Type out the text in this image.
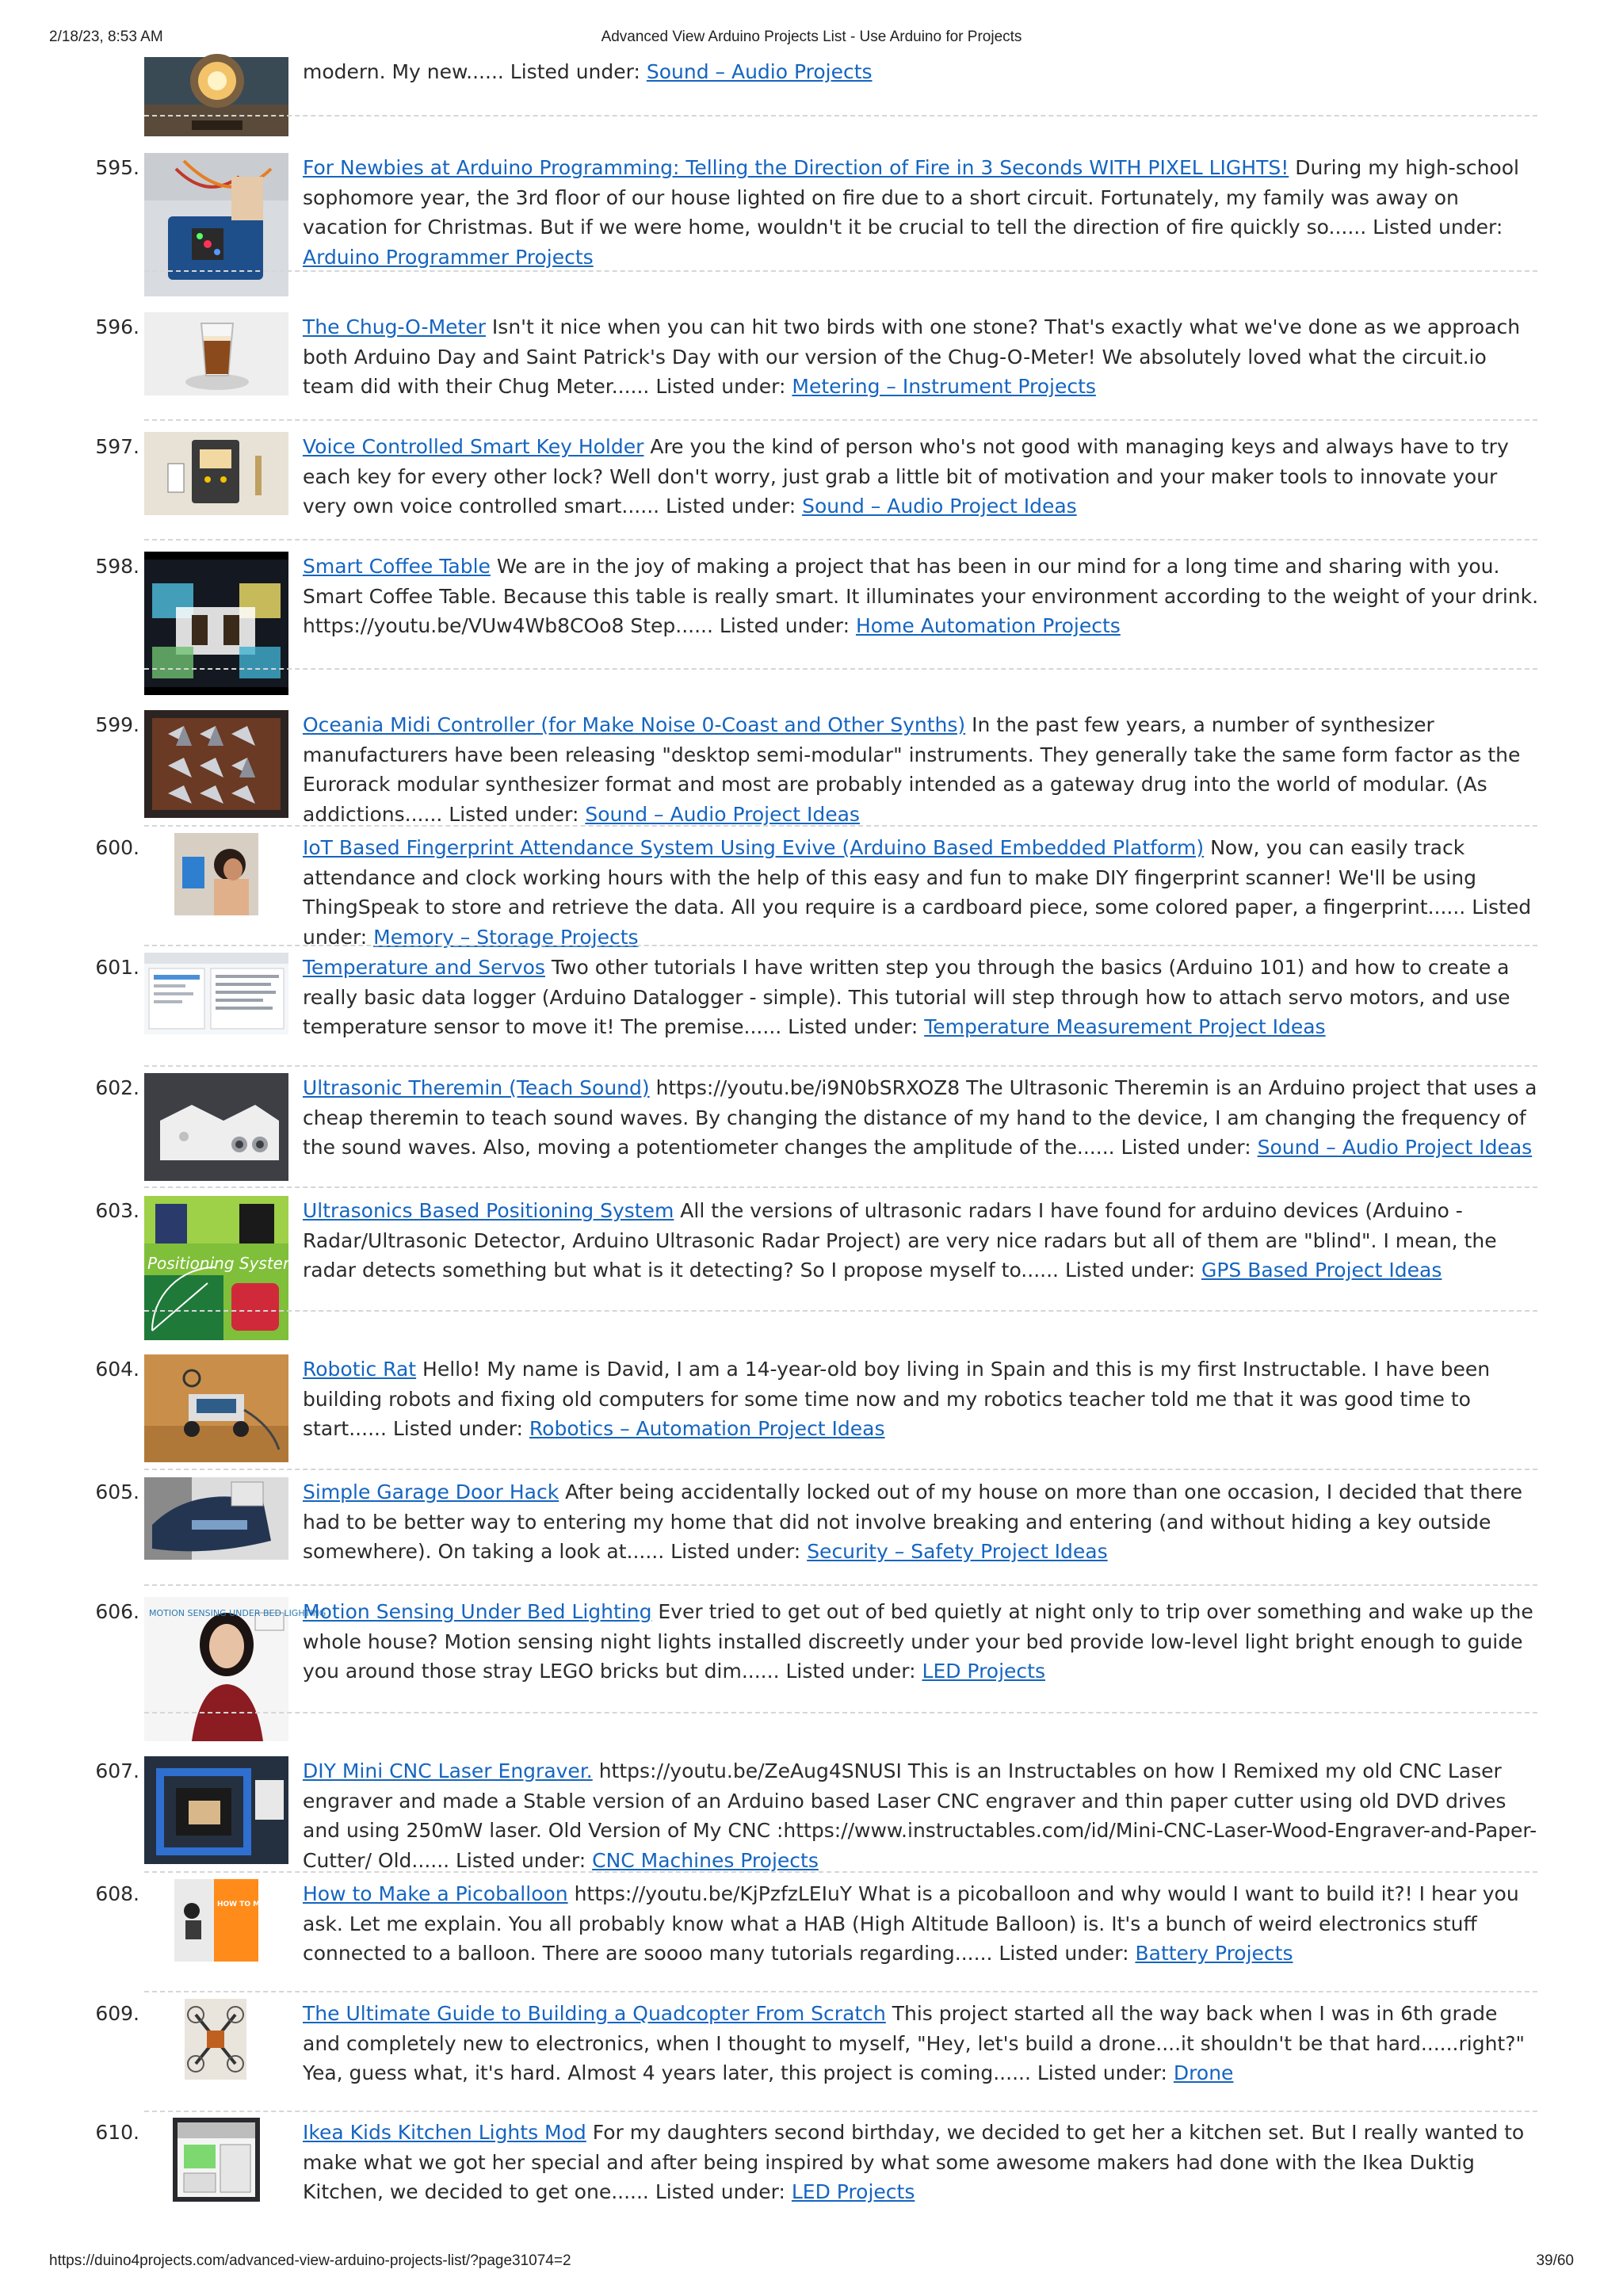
2/18/23, 8:53 AM	Advanced View Arduino Projects List - Use Arduino for Projects
modern. My new...... Listed under: Sound – Audio Projects
595.	For Newbies at Arduino Programming: Telling the Direction of Fire in 3 Seconds WITH PIXEL LIGHTS! During my high-school sophomore year, the 3rd floor of our house lighted on fire due to a short circuit. Fortunately, my family was away on vacation for Christmas. But if we were home, wouldn't it be crucial to tell the direction of fire quickly so...... Listed under: Arduino Programmer Projects
596.	The Chug-O-Meter Isn't it nice when you can hit two birds with one stone? That's exactly what we've done as we approach both Arduino Day and Saint Patrick's Day with our version of the Chug-O-Meter! We absolutely loved what the circuit.io team did with their Chug Meter...... Listed under: Metering – Instrument Projects
597.	Voice Controlled Smart Key Holder Are you the kind of person who's not good with managing keys and always have to try each key for every other lock? Well don't worry, just grab a little bit of motivation and your maker tools to innovate your very own voice controlled smart...... Listed under: Sound – Audio Project Ideas
598.	Smart Coffee Table We are in the joy of making a project that has been in our mind for a long time and sharing with you. Smart Coffee Table. Because this table is really smart. It illuminates your environment according to the weight of your drink. https://youtu.be/VUw4Wb8COo8 Step...... Listed under: Home Automation Projects
599.	Oceania Midi Controller (for Make Noise 0-Coast and Other Synths) In the past few years, a number of synthesizer manufacturers have been releasing "desktop semi-modular" instruments. They generally take the same form factor as the Eurorack modular synthesizer format and most are probably intended as a gateway drug into the world of modular. (As addictions...... Listed under: Sound – Audio Project Ideas
600.	IoT Based Fingerprint Attendance System Using Evive (Arduino Based Embedded Platform) Now, you can easily track attendance and clock working hours with the help of this easy and fun to make DIY fingerprint scanner! We'll be using ThingSpeak to store and retrieve the data. All you require is a cardboard piece, some colored paper, a fingerprint...... Listed under: Memory – Storage Projects
601.	Temperature and Servos Two other tutorials I have written step you through the basics (Arduino 101) and how to create a really basic data logger (Arduino Datalogger - simple). This tutorial will step through how to attach servo motors, and use temperature sensor to move it! The premise...... Listed under: Temperature Measurement Project Ideas
602.	Ultrasonic Theremin (Teach Sound) https://youtu.be/i9N0bSRXOZ8 The Ultrasonic Theremin is an Arduino project that uses a cheap theremin to teach sound waves. By changing the distance of my hand to the device, I am changing the frequency of the sound waves. Also, moving a potentiometer changes the amplitude of the...... Listed under: Sound – Audio Project Ideas
603.
Positioning System
Ultrasonics Based Positioning System All the versions of ultrasonic radars I have found for arduino devices (Arduino - Radar/Ultrasonic Detector, Arduino Ultrasonic Radar Project) are very nice radars but all of them are "blind". I mean, the radar detects something but what is it detecting? So I propose myself to...... Listed under: GPS Based Project Ideas
604.	Robotic Rat Hello! My name is David, I am a 14-year-old boy living in Spain and this is my first Instructable. I have been building robots and fixing old computers for some time now and my robotics teacher told me that it was good time to start...... Listed under: Robotics – Automation Project Ideas
605.	Simple Garage Door Hack After being accidentally locked out of my house on more than one occasion, I decided that there had to be better way to entering my home that did not involve breaking and entering (and without hiding a key outside somewhere). On taking a look at...... Listed under: Security – Safety Project Ideas
606. MOTION SENSING UNDER BED LIGHTING
Motion Sensing Under Bed Lighting Ever tried to get out of bed quietly at night only to trip over something and wake up the whole house? Motion sensing night lights installed discreetly under your bed provide low-level light bright enough to guide you around those stray LEGO bricks but dim...... Listed under: LED Projects
607.	DIY Mini CNC Laser Engraver. https://youtu.be/ZeAug4SNUSI This is an Instructables on how I Remixed my old CNC Laser engraver and made a Stable version of an Arduino based Laser CNC engraver and thin paper cutter using old DVD drives and using 250mW laser. Old Version of My CNC :https://www.instructables.com/id/Mini-CNC-Laser-Wood-Engraver-and-Paper-Cutter/ Old...... Listed under: CNC Machines Projects
608.	HOW TO MAKE A PICOBALLOON
How to Make a Picoballoon https://youtu.be/KjPzfzLEIuY What is a picoballoon and why would I want to build it?! I hear you ask. Let me explain. You all probably know what a HAB (High Altitude Balloon) is. It's a bunch of weird electronics stuff connected to a balloon. There are soooo many tutorials regarding...... Listed under: Battery Projects
609.	The Ultimate Guide to Building a Quadcopter From Scratch This project started all the way back when I was in 6th grade and completely new to electronics, when I thought to myself, "Hey, let's build a drone....it shouldn't be that hard......right?" Yea, guess what, it's hard. Almost 4 years later, this project is coming...... Listed under: Drone
610.	Ikea Kids Kitchen Lights Mod For my daughters second birthday, we decided to get her a kitchen set. But I really wanted to make what we got her special and after being inspired by what some awesome makers had done with the Ikea Duktig Kitchen, we decided to get one...... Listed under: LED Projects
https://duino4projects.com/advanced-view-arduino-projects-list/?page31074=2	39/60
